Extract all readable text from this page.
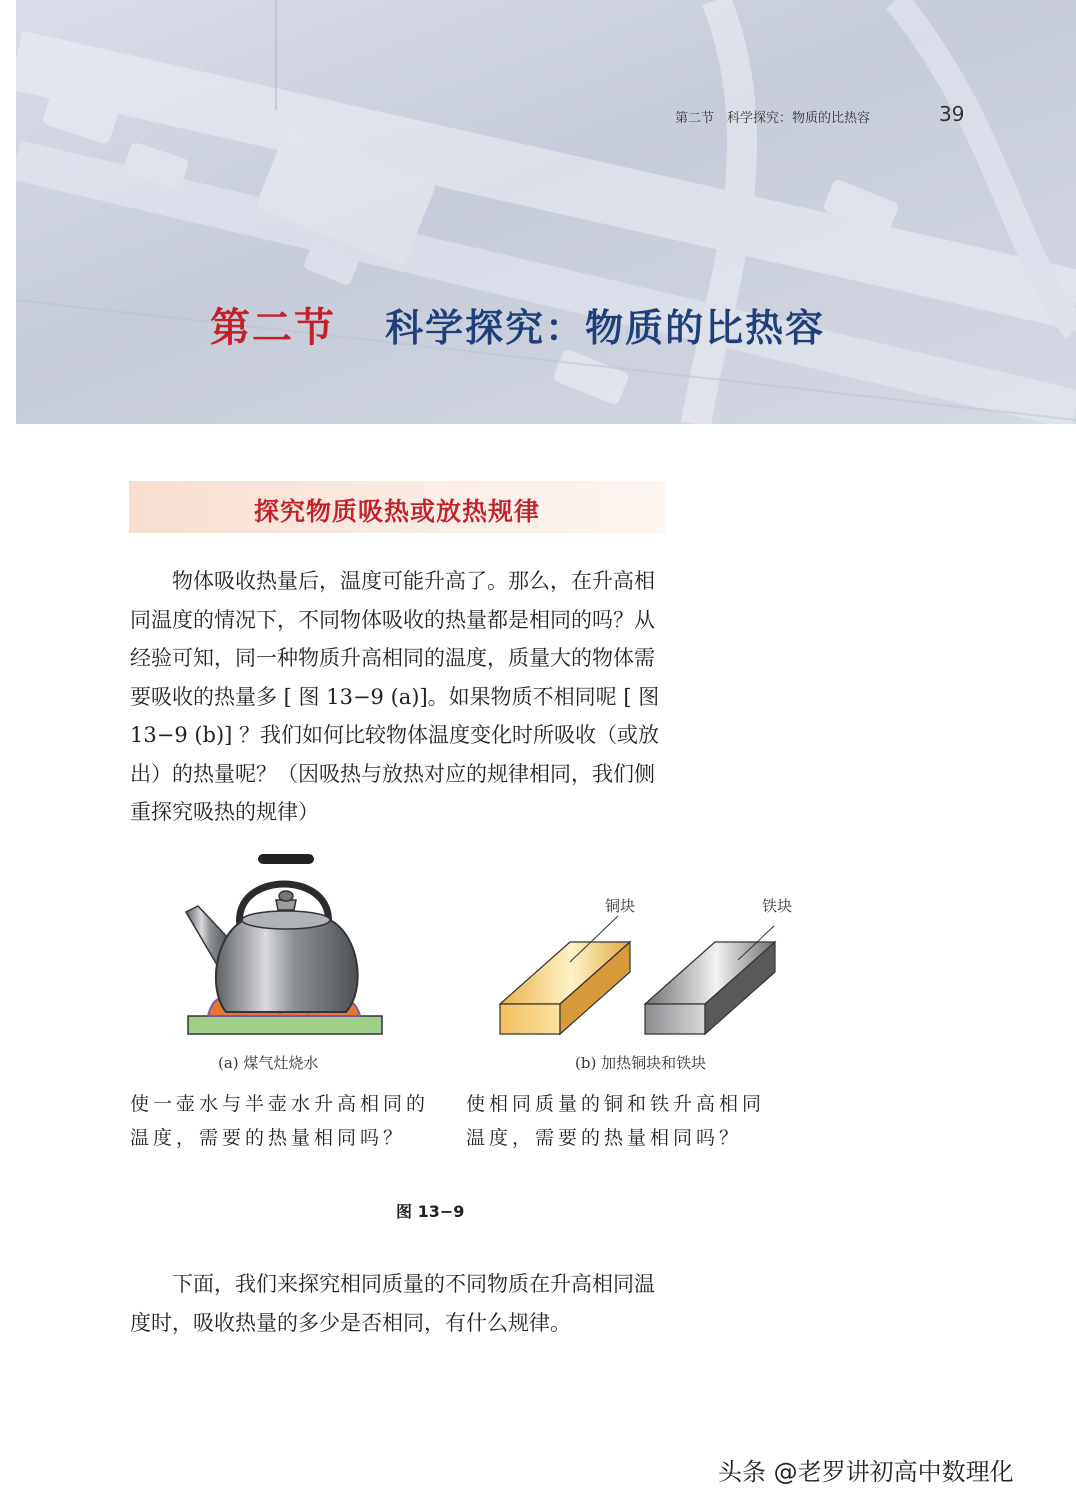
第二节　科学探究：物质的比热容	39
第二节 科学探究：物质的比热容
探究物质吸热或放热规律

物体吸收热量后，温度可能升高了。那么，在升高相同温度的情况下，不同物体吸收的热量都是相同的吗？从经验可知，同一种物质升高相同的温度，质量大的物体需要吸收的热量多 [ 图 13−9 (a)]。如果物质不相同呢 [ 图 13−9 (b)] ？我们如何比较物体温度变化时所吸收（或放出）的热量呢？（因吸热与放热对应的规律相同，我们侧重探究吸热的规律）

(a) 煤气灶烧水
铜块	铁块
(b) 加热铜块和铁块
使一壶水与半壶水升高相同的温度，需要的热量相同吗？
使相同质量的铜和铁升高相同温度，需要的热量相同吗？
图 13−9

下面，我们来探究相同质量的不同物质在升高相同温度时，吸收热量的多少是否相同，有什么规律。

头条 @老罗讲初高中数理化
